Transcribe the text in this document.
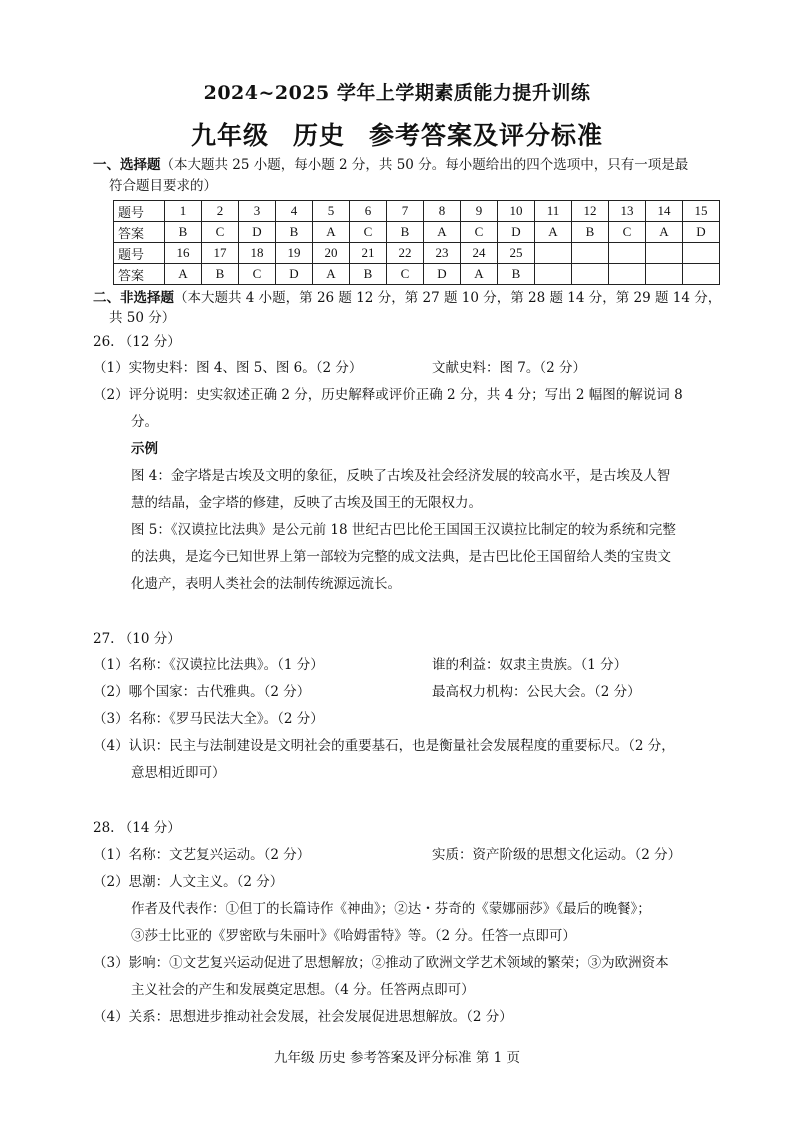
2024~2025 学年上学期素质能力提升训练
九年级 历史 参考答案及评分标准
一、选择题（本大题共 25 小题，每小题 2 分，共 50 分。每小题给出的四个选项中，只有一项是最
符合题目要求的）
题号	1	2	3	4	5	6	7	8	9	10	11	12	13	14	15
答案	B	C	D	B	A	C	B	A	C	D	A	B	C	A	D
题号	16	17	18	19	20	21	22	23	24	25					
答案	A	B	C	D	A	B	C	D	A	B					
二、非选择题（本大题共 4 小题，第 26 题 12 分，第 27 题 10 分，第 28 题 14 分，第 29 题 14 分，
共 50 分）
26. （12 分）
（1）实物史料：图 4、图 5、图 6。（2 分）	文献史料：图 7。（2 分）
（2）评分说明：史实叙述正确 2 分，历史解释或评价正确 2 分，共 4 分；写出 2 幅图的解说词 8
分。
示例
图 4：金字塔是古埃及文明的象征，反映了古埃及社会经济发展的较高水平，是古埃及人智
慧的结晶，金字塔的修建，反映了古埃及国王的无限权力。
图 5：《汉谟拉比法典》是公元前 18 世纪古巴比伦王国国王汉谟拉比制定的较为系统和完整
的法典，是迄今已知世界上第一部较为完整的成文法典，是古巴比伦王国留给人类的宝贵文
化遗产，表明人类社会的法制传统源远流长。
27. （10 分）
（1）名称：《汉谟拉比法典》。（1 分）	谁的利益：奴隶主贵族。（1 分）
（2）哪个国家：古代雅典。（2 分）	最高权力机构：公民大会。（2 分）
（3）名称：《罗马民法大全》。（2 分）
（4）认识：民主与法制建设是文明社会的重要基石，也是衡量社会发展程度的重要标尺。（2 分，
意思相近即可）
28. （14 分）
（1）名称：文艺复兴运动。（2 分）	实质：资产阶级的思想文化运动。（2 分）
（2）思潮：人文主义。（2 分）
作者及代表作：①但丁的长篇诗作《神曲》；②达・芬奇的《蒙娜丽莎》《最后的晚餐》；
③莎士比亚的《罗密欧与朱丽叶》《哈姆雷特》等。（2 分。任答一点即可）
（3）影响：①文艺复兴运动促进了思想解放；②推动了欧洲文学艺术领域的繁荣；③为欧洲资本
主义社会的产生和发展奠定思想。（4 分。任答两点即可）
（4）关系：思想进步推动社会发展，社会发展促进思想解放。（2 分）
九年级 历史 参考答案及评分标准 第 1 页
